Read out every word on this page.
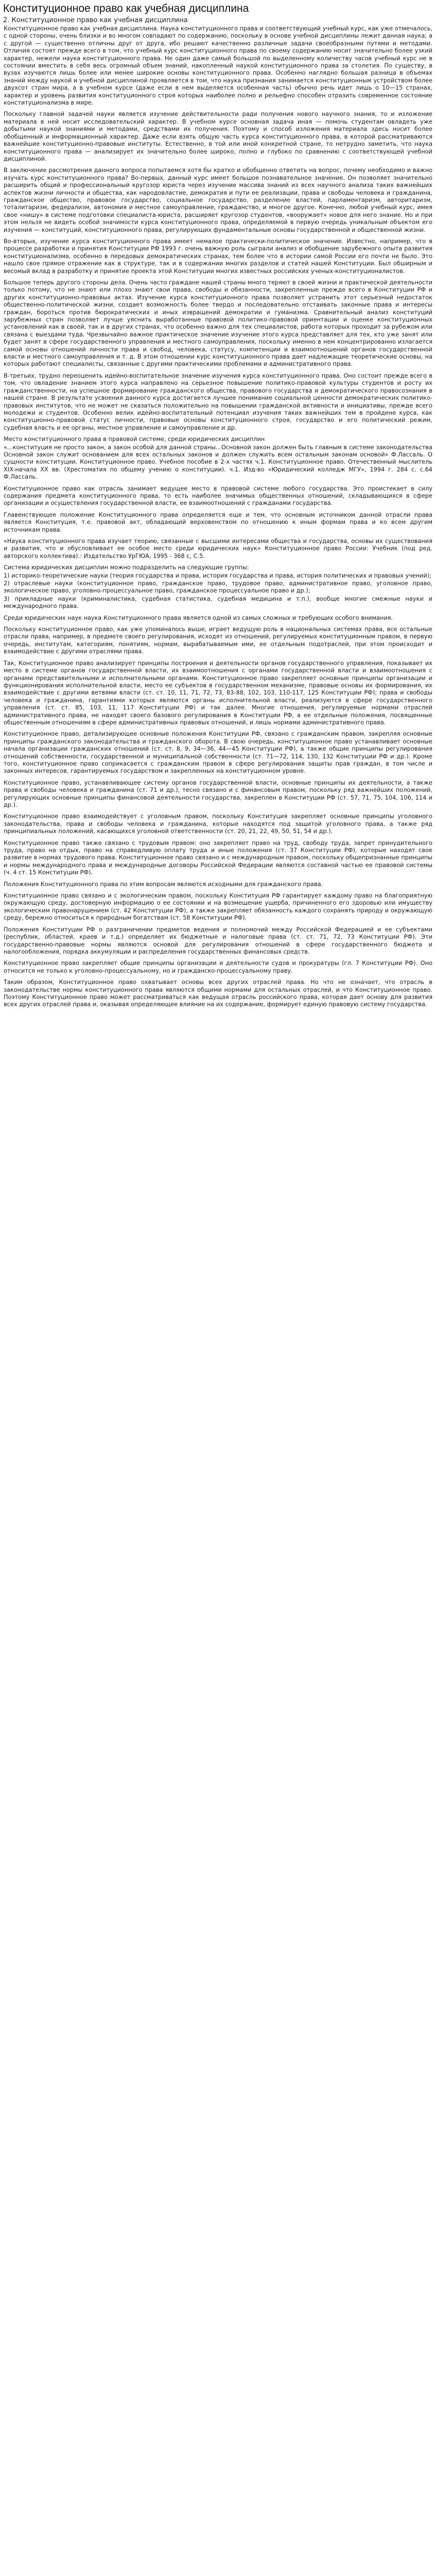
Конституционное право как учебная дисциплина
2. Конституционное право как учебная дисциплина

Конституционное право как учебная дисциплина. Наука конституционного права и соответствующий учебный курс, как уже отмечалось, с одной стороны, очень близки и во многом совпадают по содержанию, поскольку в основе учебной дисциплины лежит данная наука; а с другой — существенно отличны друг от друга, ибо решают качественно различные задачи своеобразными путями и методами. Отличия состоят прежде всего в том, что учебный курс конституционного права по своему содержанию носит значительно более узкий характер, нежели наука конституционного права. Не один даже самый большой по выделенному количеству часов учебный курс не в состоянии вместить в себя весь огромный объем знаний, накопленный наукой конституционного права за столетия. По существу, в вузах изучаются лишь более или менее широкие основы конституционного права. Особенно наглядно большая разница в объемах знаний между наукой и учебной дисциплиной проявляется в том, что наука признания занимается конституционным устройством более двухсот стран мира, а в учебном курсе (даже если в нем выделяется особенная часть) обычно речь идет лишь о 10—15 странах, характер и уровень развития конституционного строя которых наиболее полно и рельефно способен отразить современное состояние конституционализма в мире.

Поскольку главной задачей науки является изучение действительности ради получения нового научного знания, то и изложение материала в ней носит исследовательский характер. В учебном курсе основная задача иная — помочь студентам овладеть уже добытыми наукой знаниями и методами, средствами их получения. Поэтому и способ изложения материала здесь носит более обобщенный и информационный характер. Даже если взять общую часть курса конституционного права, в которой рассматриваются важнейшие конституционно-правовые институты. Естественно, в той или иной конкретной стране, то нетрудно заметить, что наука конституционного права — анализирует их значительно более широко, полно и глубоко по сравнению с соответствующей учебной дисциплиной.

В заключение рассмотрения данного вопроса попытаемся хотя бы кратко и обобщенно ответить на вопрос, почему необходимо и важно изучать курс конституционного права? Во-первых, данный курс имеет большое познавательное значение. Он позволяет значительно расширить общий и профессиональный кругозор юриста через изучение массива знаний из всех научного анализа таких важнейших аспектов жизни личности и общества, как народовластие, демократия и пути ее реализации, права и свободы человека и гражданина, гражданское общество, правовое государство, социальное государство, разделение властей, парламентаризм, авторитаризм, тоталитаризм, федерализм, автономия и местное самоуправление, гражданство, и многое другое. Конечно, любой учебный курс, имея свое «нишу» в системе подготовки специалиста-юриста, расширяет кругозор студентов, «вооружает» новое для него знание. Но и при этом нельзя не видеть особой значимости курса конституционного права, определяемой в первую очередь уникальным объектом его изучения — конституций, конституционного права, регулирующих фундаментальные основы государственной и общественной жизни.

Во-вторых, изучение курса конституционного права имеет немалое практически-политическое значение. Известно, например, что в процессе разработки и принятия Конституции РФ 1993 г. очень важную роль сыграли анализ и обобщение зарубежного опыта развития конституционализма, особенно в передовых демократических странах, тем более что в истории самой России его почти не было. Это нашло свое прямое отражение как в структуре, так и в содержании многих разделов и статей нашей Конституции. Был обширным и весомый вклад в разработку и принятие проекта этой Конституции многих известных российских ученых-конституционалистов.

Большое теперь другого стороны дела. Очень часто граждане нашей страны много теряют в своей жизни и практической деятельности только потому, что не знают или плохо знают свои права, свободы и обязанности, закрепленные прежде всего в Конституции РФ и других конституционно-правовых актах. Изучение курса конституционного права позволяет устранить этот серьезный недостаток общественно-политической жизни, создает возможность более твердо и последовательно отстаивать законные права и интересы граждан, бороться против бюрократических и иных извращений демократии и гуманизма. Сравнительный анализ конституций зарубежных стран позволяет лучше уяснить выработанные правовой политико-правовой ориентации и оценке конституционных установлений как в своей, так и в других странах, что особенно важно для тех специалистов, работа которых проходит за рубежом или связана с выездами туда. Чрезвычайно важное практическое значение изучение этого курса представляет для тех, кто уже занят или будет занят в сфере государственного управления и местного самоуправления, поскольку именно в нем концентрированно излагается самой основы отношений личности права и свобод, человека, статусу, компетенции и взаимоотношений органов государственной власти и местного самоуправления и т. д. В этом отношении курс конституционного права дает надлежащие теоретические основы, на которых работают специалисты, связанные с другими практическими проблемами и административного права.

В-третьих, трудно переоценить идейно-воспитательное значение изучения курса конституционного права. Оно состоит прежде всего в том, что овладение знанием этого курса направлено на серьезное повышение политико-правовой культуры студентов и росту их гражданственности, на успешное формирование гражданского общества, правового государства и демократического правосознания в нашей стране. В результате усвоения данного курса достигается лучшее понимание социальной ценности демократических политико-правовых институтов, что не может не сказаться положительно на повышении гражданской активности и инициативы, прежде всего молодежи и студентов. Особенно велик идейно-воспитательный потенциал изучения таких важнейших тем в пройдене курса, как конституционно-правовой статус личности, правовые основы конституционного строя, государство и его политический режим, судебная власть и ее органы, местное управление и самоуправление и др.

Место конституционного права в правовой системе, среди юридических дисциплин

«...конституция не просто закон, а закон особой для данной страны...Основной закон должен быть главным в системе законодательства Основной закон служит основанием для всех остальных законов и должен служить всем остальным законам основой» Ф.Лассаль. О сущности конституции. Конституционное право. Учебное пособие в 2-х частях ч.1. Конституционное право. Отечественный мыслитель XIX-начала XX вв. (Хрестоматия по общему учению о конституции). ч.1. Изд-во «Юридический колледж МГУ», 1994 г. 284 с. с.64 Ф.Лассаль.

Конституционное право как отрасль занимает ведущее место в правовой системе любого государства. Это проистекает в силу содержания предмета конституционного права, то есть наиболее значимых общественных отношений, складывающихся в сфере организации и осуществления государственной власти, ее взаимоотношений с гражданами государства.

Главенствующее положение Конституционного права определяется еще и тем, что основным источником данной отрасли права является Конституция, т.е. правовой акт, обладающий верховенством по отношению к иным формам права и ко всем другим источникам права.

«Наука конституционного права изучает теорию, связанные с высшими интересами общества и государства, основы их существования и развития, что и обусловливает ее особое место среди юридических наук» Конституционное право России: Учебник (под ред. авторского коллектива).: Издательство УрГЮА, 1995 - 368 с, С.5.

Система юридических дисциплин можно подразделить на следующие группы:

1) историко-теоретические науки (теория государства и права, история государства и права, история политических и правовых учений);

2) отраслевые науки (конституционное право, гражданское право, трудовое право, административное право, уголовное право, экологическое право, уголовно-процессуальное право, гражданское процессуальное право и др.);

3) прикладные науки (криминалистика, судебная статистика, судебная медицина и т.п.), вообще многие смежные науки и международного права.

Среди юридических наук наука Конституционного права является одной из самых сложных и требующих особого внимания.

Поскольку конституционное право, как уже упоминалось выше, играет ведущую роль в национальных системах права, все остальные отрасли права, например, в предмете своего регулирования, исходят из отношений, регулируемых конституционным правом, в первую очередь, институтам, категориям, понятиям, нормам, вырабатываемым ими, ее отдельным подотраслей, при этом происходит и взаимодействие с другими отраслями права.

Так, Конституционное право анализирует принципы построения и деятельности органов государственного управления, показывает их место в системе органов государственной власти, их взаимоотношения с органами государственной власти и взаимоотношения с органами представительными и исполнительными органами. Конституционное право закрепляет основные принципы организации и функционирования исполнительной власти, место ее субъектов в государственном механизме, правовые основы их формирования, их взаимодействие с другими ветвями власти (ст. ст. 10, 11, 71, 72, 73, 83-88, 102, 103, 110-117, 125 Конституции РФ); права и свободы человека и гражданина, гарантиями которых являются органы исполнительной власти, реализуются в сфере государственного управления (ст. ст. 85, 103, 11, 117 Конституции РФ) и так далее. Многие отношения, регулируемые нормами отраслей административного права, не находят своего базового регулирования в Конституции РФ, а ее отдельные положения, посвященные общественным отношениям в сфере административных правовых отношений, и лишь нормами административного права.

Конституционное право, детализирующее основные положения Конституции РФ, связано с гражданским правом, закрепляя основные принципы гражданского законодательства и гражданского оборота. В свою очередь, конституционное право устанавливает основные начала организации гражданских отношений (ст. ст. 8, 9, 34—36, 44—45 Конституции РФ), а также общие принципы регулирования отношений собственности, государственной и муниципальной собственности (ст. 71—72, 114, 130, 132 Конституции РФ и др.). Кроме того, конституционное право соприкасается с гражданским правом в сфере регулирования защиты прав граждан, в том числе и законных интересов, гарантируемых государством и закрепленных на конституционном уровне.

Конституционное право, устанавливающее систему органов государственной власти, основные принципы их деятельности, а также права и свободы человека и гражданина (ст. 71 и др.), тесно связано и с финансовым правом, поскольку ряд важнейших положений, регулирующих основные принципы финансовой деятельности государства, закреплен в Конституции РФ (ст. 57, 71, 75, 104, 106, 114 и др.).

Конституционное право взаимодействует с уголовным правом, поскольку Конституция закрепляет основные принципы уголовного законодательства, права и свободы человека и гражданина, которые находятся под защитой уголовного права, а также ряд принципиальных положений, касающихся уголовной ответственности (ст. 20, 21, 22, 49, 50, 51, 54 и др.).

Конституционное право также связано с трудовым правом: оно закрепляет право на труд, свободу труда, запрет принудительного труда, право на отдых, право на справедливую оплату труда и иные положения (ст. 37 Конституции РФ), которые находят свое развитие в нормах трудового права. Конституционное право связано и с международным правом, поскольку общепризнанные принципы и нормы международного права и международные договоры Российской Федерации являются составной частью ее правовой системы (ч. 4 ст. 15 Конституции РФ).

Положения Конституционного права по этим вопросам являются исходными для гражданского права.

Конституционное право связано и с экологическим правом, поскольку Конституция РФ гарантирует каждому право на благоприятную окружающую среду, достоверную информацию о ее состоянии и на возмещение ущерба, причиненного его здоровью или имуществу экологическим правонарушением (ст. 42 Конституции РФ), а также закрепляет обязанность каждого сохранять природу и окружающую среду, бережно относиться к природным богатствам (ст. 58 Конституции РФ).

Положения Конституции РФ о разграничении предметов ведения и полномочий между Российской Федерацией и ее субъектами (республик, областей, краев и т.д.) определяет их бюджетные и налоговые права (ст. ст. 71, 72, 73 Конституции РФ). Эти государственно-правовые нормы являются основой для регулирования отношений в сфере государственного бюджета и налогообложения, порядка аккумуляции и распределения государственных финансовых средств.

Конституционное право закрепляет общие принципы организации и деятельности судов и прокуратуры (гл. 7 Конституции РФ). Оно относится не только к уголовно-процессуальному, но и гражданско-процессуальному праву.

Таким образом, Конституционное право охватывает основы всех других отраслей права. Но что не означает, что отрасль в законодательстве нормы конституционного права являются общими нормами для остальных отраслей, и что Конституционное право. Поэтому Конституционное право может рассматриваться как ведущая отрасль российского права, которая дает основу для развития всех других отраслей права и, оказывая определяющее влияние на их содержание, формирует единую правовую систему государства.
